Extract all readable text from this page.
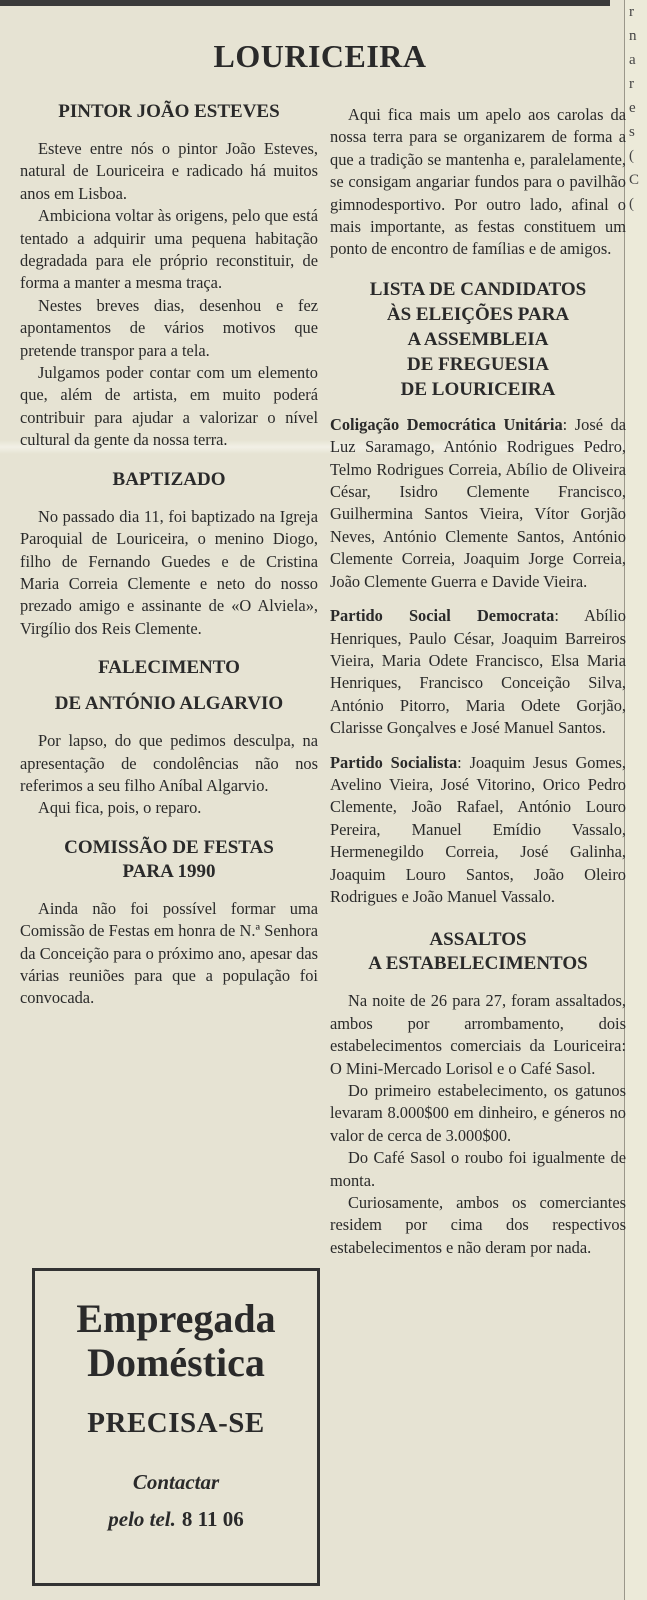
r
n
a
r
e
s
(
C
(
LOURICEIRA
PINTOR JOÃO ESTEVES

Esteve entre nós o pintor João Esteves, natural de Louriceira e radicado há muitos anos em Lisboa.

Ambiciona voltar às origens, pelo que está tentado a adquirir uma pequena habitação degradada para ele próprio reconstituir, de forma a manter a mesma traça.

Nestes breves dias, desenhou e fez apontamentos de vários motivos que pretende transpor para a tela.

Julgamos poder contar com um elemento que, além de artista, em muito poderá contribuir para ajudar a valorizar o nível cultural da gente da nossa terra.

BAPTIZADO

No passado dia 11, foi baptizado na Igreja Paroquial de Louriceira, o menino Diogo, filho de Fernando Guedes e de Cristina Maria Correia Clemente e neto do nosso prezado amigo e assinante de «O Alviela», Virgílio dos Reis Clemente.

FALECIMENTO
DE ANTÓNIO ALGARVIO

Por lapso, do que pedimos desculpa, na apresentação de condolências não nos referimos a seu filho Aníbal Algarvio.

Aqui fica, pois, o reparo.

COMISSÃO DE FESTAS
PARA 1990

Ainda não foi possível formar uma Comissão de Festas em honra de N.ª Senhora da Conceição para o próximo ano, apesar das várias reuniões para que a população foi convocada.

Aqui fica mais um apelo aos carolas da nossa terra para se organizarem de forma a que a tradição se mantenha e, paralelamente, se consigam angariar fundos para o pavilhão gimnodesportivo. Por outro lado, afinal o mais importante, as festas constituem um ponto de encontro de famílias e de amigos.

LISTA DE CANDIDATOS
ÀS ELEIÇÕES PARA
A ASSEMBLEIA
DE FREGUESIA
DE LOURICEIRA
Coligação Democrática Unitária: José da Luz Saramago, António Rodrigues Pedro, Telmo Rodrigues Correia, Abílio de Oliveira César, Isidro Clemente Francisco, Guilhermina Santos Vieira, Vítor Gorjão Neves, António Clemente Santos, António Clemente Correia, Joaquim Jorge Correia, João Clemente Guerra e Davide Vieira.
Partido Social Democrata: Abílio Henriques, Paulo César, Joaquim Barreiros Vieira, Maria Odete Francisco, Elsa Maria Henriques, Francisco Conceição Silva, António Pitorro, Maria Odete Gorjão, Clarisse Gonçalves e José Manuel Santos.
Partido Socialista: Joaquim Jesus Gomes, Avelino Vieira, José Vitorino, Orico Pedro Clemente, João Rafael, António Louro Pereira, Manuel Emídio Vassalo, Hermenegildo Correia, José Galinha, Joaquim Louro Santos, João Oleiro Rodrigues e João Manuel Vassalo.
ASSALTOS
A ESTABELECIMENTOS

Na noite de 26 para 27, foram assaltados, ambos por arrombamento, dois estabelecimentos comerciais da Louriceira: O Mini-Mercado Lorisol e o Café Sasol.

Do primeiro estabelecimento, os gatunos levaram 8.000$00 em dinheiro, e géneros no valor de cerca de 3.000$00.

Do Café Sasol o roubo foi igualmente de monta.

Curiosamente, ambos os comerciantes residem por cima dos respectivos estabelecimentos e não deram por nada.

Empregada
Doméstica
PRECISA-SE
Contactar
pelo tel. 8 11 06
